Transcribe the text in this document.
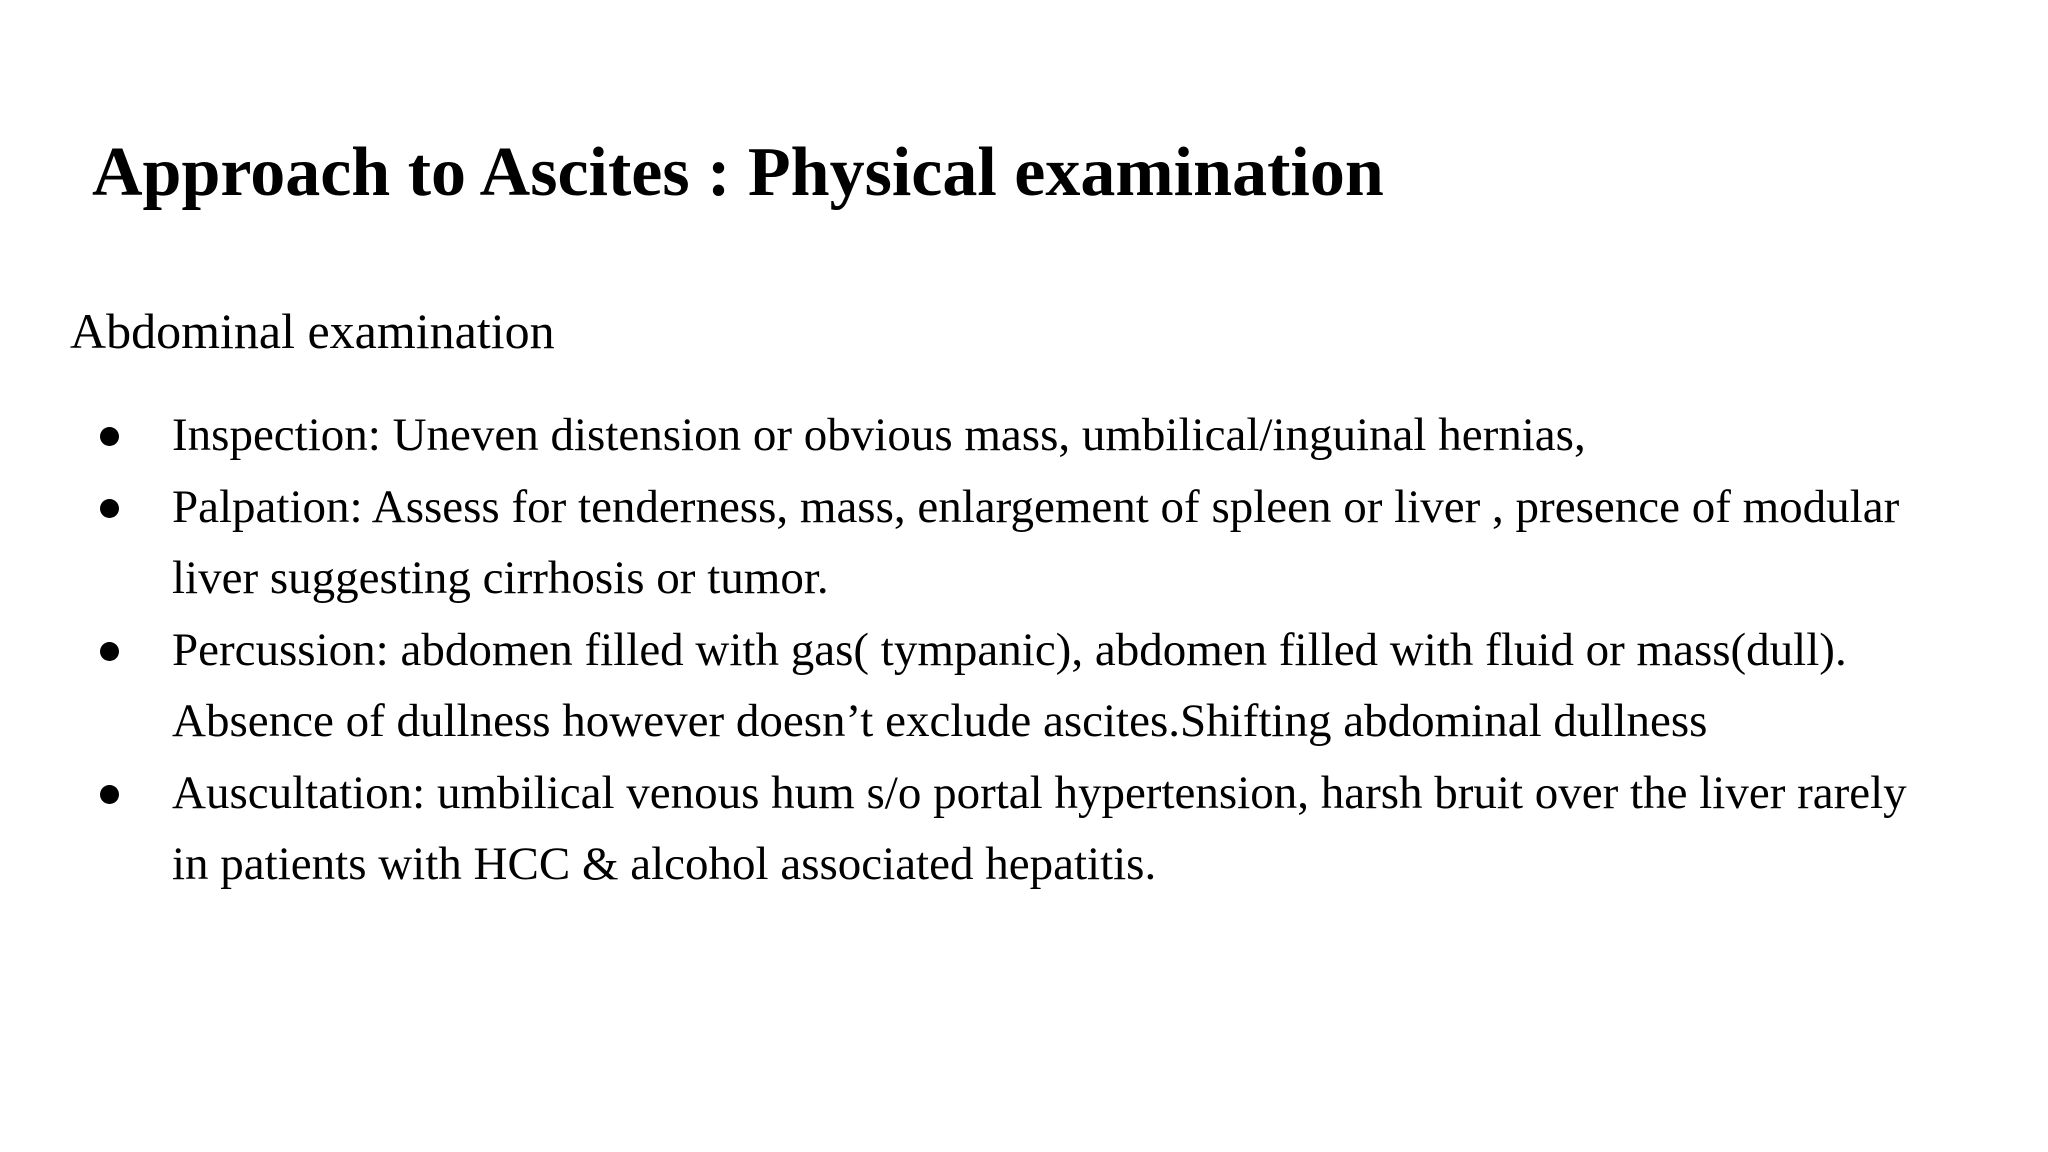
Approach to Ascites : Physical examination

Abdominal examination

Inspection: Uneven distension or obvious mass, umbilical/inguinal hernias,
Palpation: Assess for tenderness, mass, enlargement of spleen or liver , presence of modular liver suggesting cirrhosis or tumor.
Percussion: abdomen filled with gas( tympanic), abdomen filled with fluid or mass(dull). Absence of dullness however doesn’t exclude ascites.Shifting abdominal dullness
Auscultation: umbilical venous hum s/o portal hypertension, harsh bruit over the liver rarely in patients with HCC & alcohol associated hepatitis.
